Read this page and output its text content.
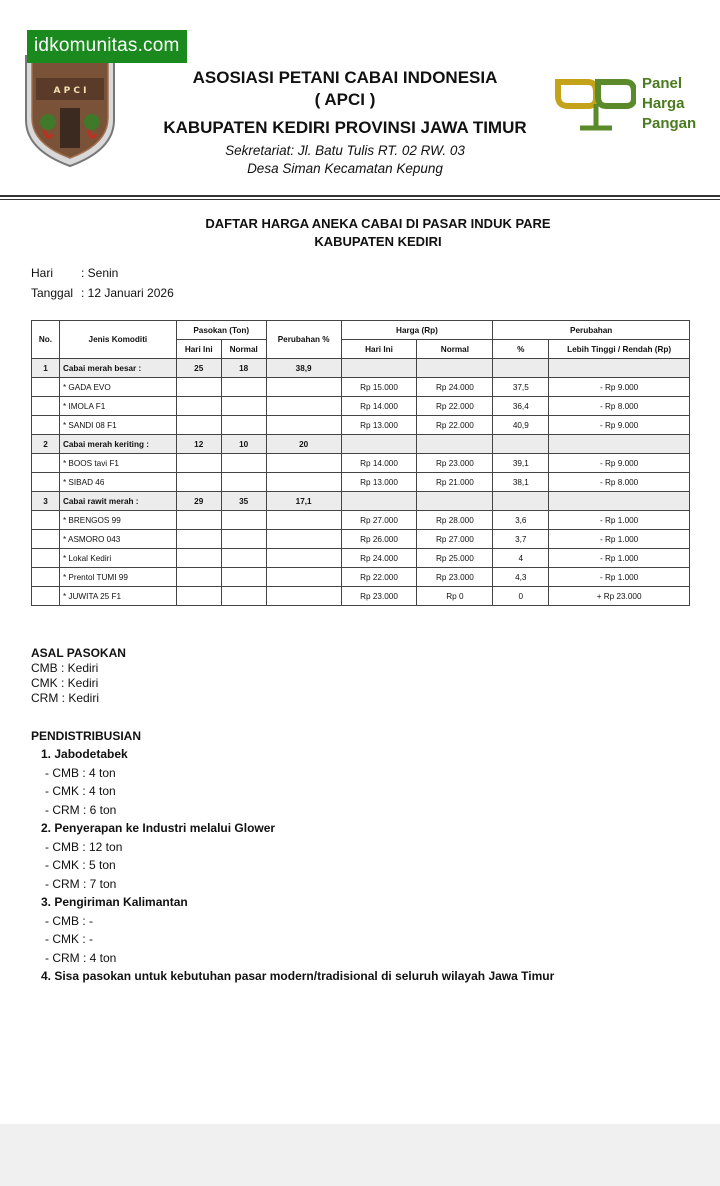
idkomunitas.com
A P C I
ASOSIASI PETANI CABAI INDONESIA
( APCI )
KABUPATEN KEDIRI PROVINSI JAWA TIMUR
Sekretariat: Jl. Batu Tulis RT. 02 RW. 03
Desa Siman Kecamatan Kepung
Panel
Harga
Pangan
DAFTAR HARGA ANEKA CABAI DI PASAR INDUK PARE
KABUPATEN KEDIRI
Hari : Senin
Tanggal : 12 Januari 2026
No.	Jenis Komoditi	Pasokan (Ton)		Perubahan %	Harga (Rp)		Perubahan	
		Hari Ini	Normal		Hari Ini	Normal	%	Lebih Tinggi / Rendah (Rp)
1	Cabai merah besar :	25	18	38,9				
	* GADA EVO				Rp 15.000	Rp 24.000	37,5	- Rp 9.000
	* IMOLA F1				Rp 14.000	Rp 22.000	36,4	- Rp 8.000
	* SANDI 08 F1				Rp 13.000	Rp 22.000	40,9	- Rp 9.000
2	Cabai merah keriting :	12	10	20				
	* BOOS tavi F1				Rp 14.000	Rp 23.000	39,1	- Rp 9.000
	* SIBAD 46				Rp 13.000	Rp 21.000	38,1	- Rp 8.000
3	Cabai rawit merah :	29	35	17,1				
	* BRENGOS 99				Rp 27.000	Rp 28.000	3,6	- Rp 1.000
	* ASMORO 043				Rp 26.000	Rp 27.000	3,7	- Rp 1.000
	* Lokal Kediri				Rp 24.000	Rp 25.000	4	- Rp 1.000
	* Prentol TUMI 99				Rp 22.000	Rp 23.000	4,3	- Rp 1.000
	* JUWITA 25 F1				Rp 23.000	Rp 0	0	+ Rp 23.000
ASAL PASOKAN
CMB : Kediri
CMK : Kediri
CRM : Kediri
PENDISTRIBUSIAN
1. Jabodetabek
- CMB : 4 ton
- CMK : 4 ton
- CRM : 6 ton
2. Penyerapan ke Industri melalui Glower
- CMB : 12 ton
- CMK : 5 ton
- CRM : 7 ton
3. Pengiriman Kalimantan
- CMB : -
- CMK : -
- CRM : 4 ton
4. Sisa pasokan untuk kebutuhan pasar modern/tradisional di seluruh wilayah Jawa Timur
